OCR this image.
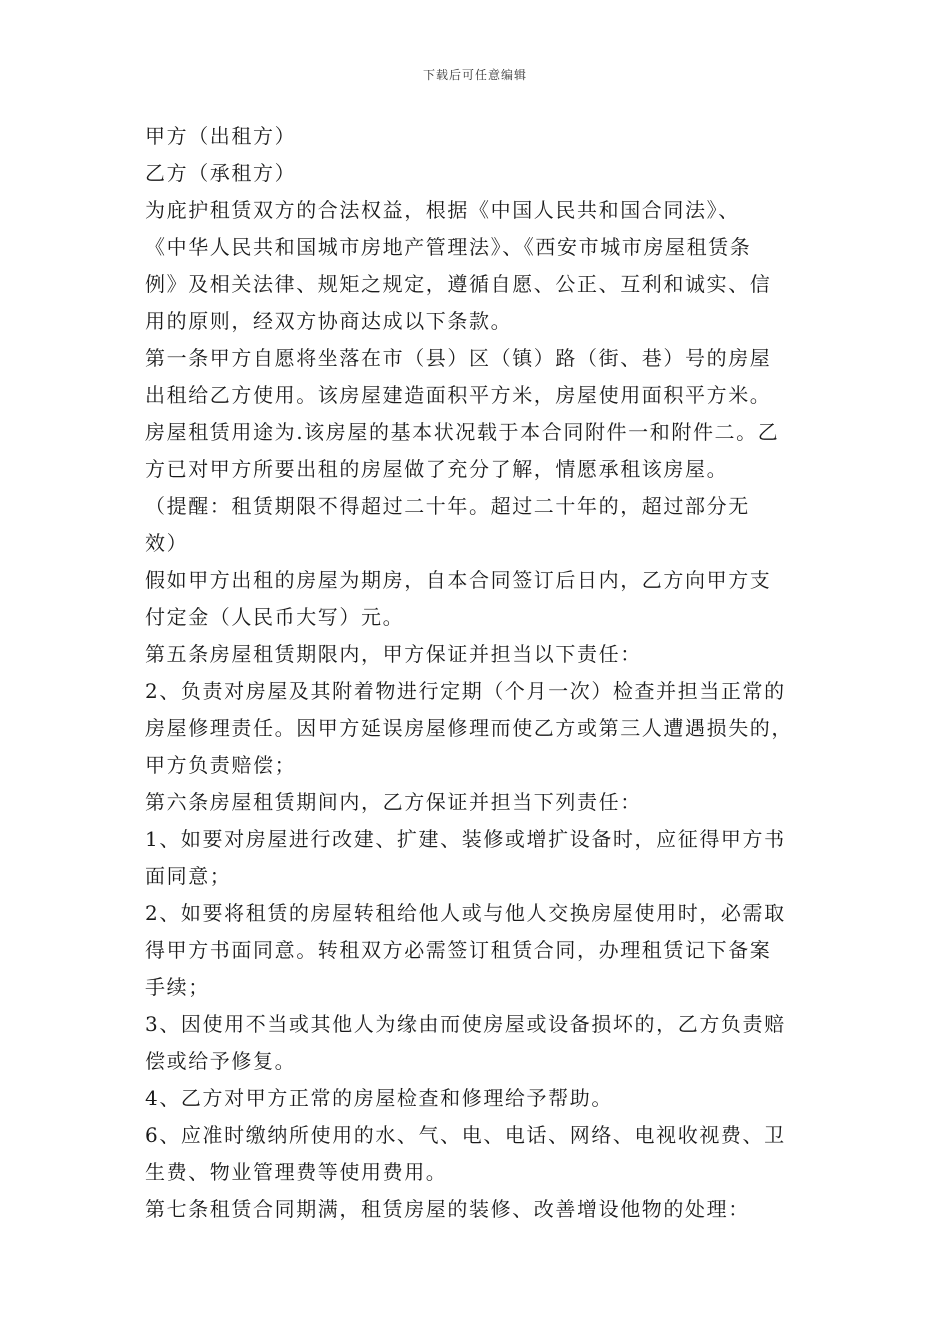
下载后可任意编辑
甲方（出租方）
乙方（承租方）
为庇护租赁双方的合法权益，根据《中国人民共和国合同法》、
《中华人民共和国城市房地产管理法》、《西安市城市房屋租赁条
例》及相关法律、规矩之规定，遵循自愿、公正、互利和诚实、信
用的原则，经双方协商达成以下条款。
第一条甲方自愿将坐落在市（县）区（镇）路（街、巷）号的房屋
出租给乙方使用。该房屋建造面积平方米，房屋使用面积平方米。
房屋租赁用途为.该房屋的基本状况载于本合同附件一和附件二。乙
方已对甲方所要出租的房屋做了充分了解，情愿承租该房屋。
（提醒：租赁期限不得超过二十年。超过二十年的，超过部分无
效）
假如甲方出租的房屋为期房，自本合同签订后日内，乙方向甲方支
付定金（人民币大写）元。
第五条房屋租赁期限内，甲方保证并担当以下责任：
2、负责对房屋及其附着物进行定期（个月一次）检查并担当正常的
房屋修理责任。因甲方延误房屋修理而使乙方或第三人遭遇损失的，
甲方负责赔偿；
第六条房屋租赁期间内，乙方保证并担当下列责任：
1、如要对房屋进行改建、扩建、装修或增扩设备时，应征得甲方书
面同意；
2、如要将租赁的房屋转租给他人或与他人交换房屋使用时，必需取
得甲方书面同意。转租双方必需签订租赁合同，办理租赁记下备案
手续；
3、因使用不当或其他人为缘由而使房屋或设备损坏的，乙方负责赔
偿或给予修复。
4、乙方对甲方正常的房屋检查和修理给予帮助。
6、应准时缴纳所使用的水、气、电、电话、网络、电视收视费、卫
生费、物业管理费等使用费用。
第七条租赁合同期满，租赁房屋的装修、改善增设他物的处理：
